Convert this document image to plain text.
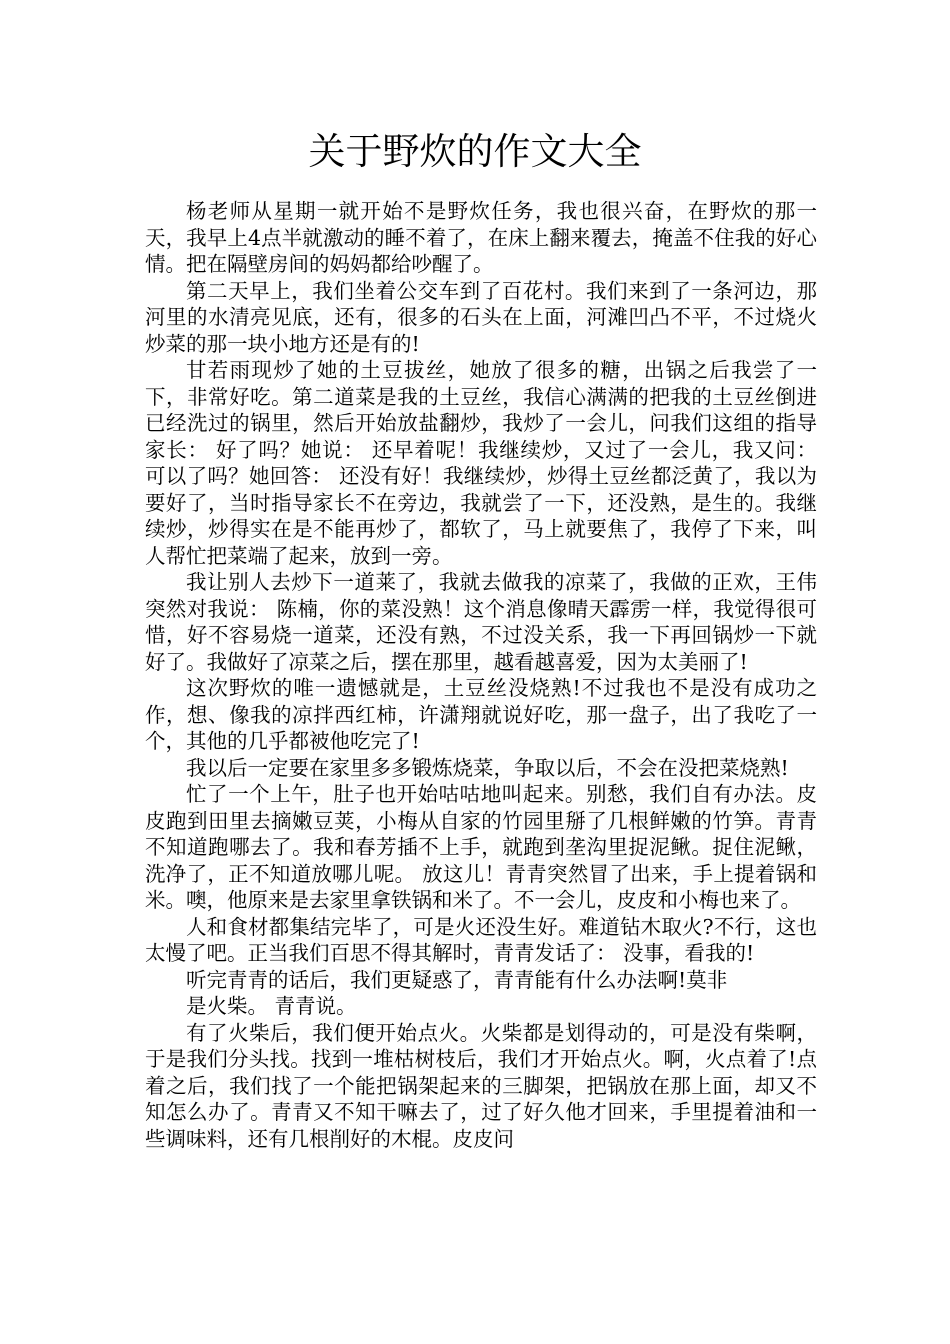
关于野炊的作文大全

杨老师从星期一就开始不是野炊任务，我也很兴奋，在野炊的那一天，我早上4点半就激动的睡不着了，在床上翻来覆去，掩盖不住我的好心情。把在隔壁房间的妈妈都给吵醒了。

第二天早上，我们坐着公交车到了百花村。我们来到了一条河边，那河里的水清亮见底，还有，很多的石头在上面，河滩凹凸不平，不过烧火炒菜的那一块小地方还是有的!

甘若雨现炒了她的土豆拔丝，她放了很多的糖，出锅之后我尝了一下，非常好吃。第二道菜是我的土豆丝，我信心满满的把我的土豆丝倒进已经洗过的锅里，然后开始放盐翻炒，我炒了一会儿，问我们这组的指导家长： 好了吗？她说： 还早着呢！我继续炒，又过了一会儿，我又问： 可以了吗？她回答： 还没有好！我继续炒，炒得土豆丝都泛黄了，我以为要好了，当时指导家长不在旁边，我就尝了一下，还没熟，是生的。我继续炒，炒得实在是不能再炒了，都软了，马上就要焦了，我停了下来，叫人帮忙把菜端了起来，放到一旁。

我让别人去炒下一道莱了，我就去做我的凉菜了，我做的正欢，王伟突然对我说： 陈楠，你的菜没熟！这个消息像晴天霹雳一样，我觉得很可惜，好不容易烧一道菜，还没有熟，不过没关系，我一下再回锅炒一下就好了。我做好了凉菜之后，摆在那里，越看越喜爱，因为太美丽了!

这次野炊的唯一遗憾就是，土豆丝没烧熟!不过我也不是没有成功之作，想、像我的凉拌西红柿，许潇翔就说好吃，那一盘子，出了我吃了一个，其他的几乎都被他吃完了!

我以后一定要在家里多多锻炼烧菜，争取以后，不会在没把菜烧熟!

忙了一个上午，肚子也开始咕咕地叫起来。别愁，我们自有办法。皮皮跑到田里去摘嫩豆荚，小梅从自家的竹园里掰了几根鲜嫩的竹笋。青青不知道跑哪去了。我和春芳插不上手，就跑到垄沟里捉泥鳅。捉住泥鳅，洗净了，正不知道放哪儿呢。 放这儿！青青突然冒了出来，手上提着锅和米。噢，他原来是去家里拿铁锅和米了。不一会儿，皮皮和小梅也来了。

人和食材都集结完毕了，可是火还没生好。难道钻木取火?不行，这也太慢了吧。正当我们百思不得其解时，青青发话了： 没事，看我的!

听完青青的话后，我们更疑惑了，青青能有什么办法啊!莫非

是火柴。 青青说。

有了火柴后，我们便开始点火。火柴都是划得动的，可是没有柴啊，于是我们分头找。找到一堆枯树枝后，我们才开始点火。啊，火点着了!点着之后，我们找了一个能把锅架起来的三脚架，把锅放在那上面，却又不知怎么办了。青青又不知干嘛去了，过了好久他才回来，手里提着油和一些调味料，还有几根削好的木棍。皮皮问
